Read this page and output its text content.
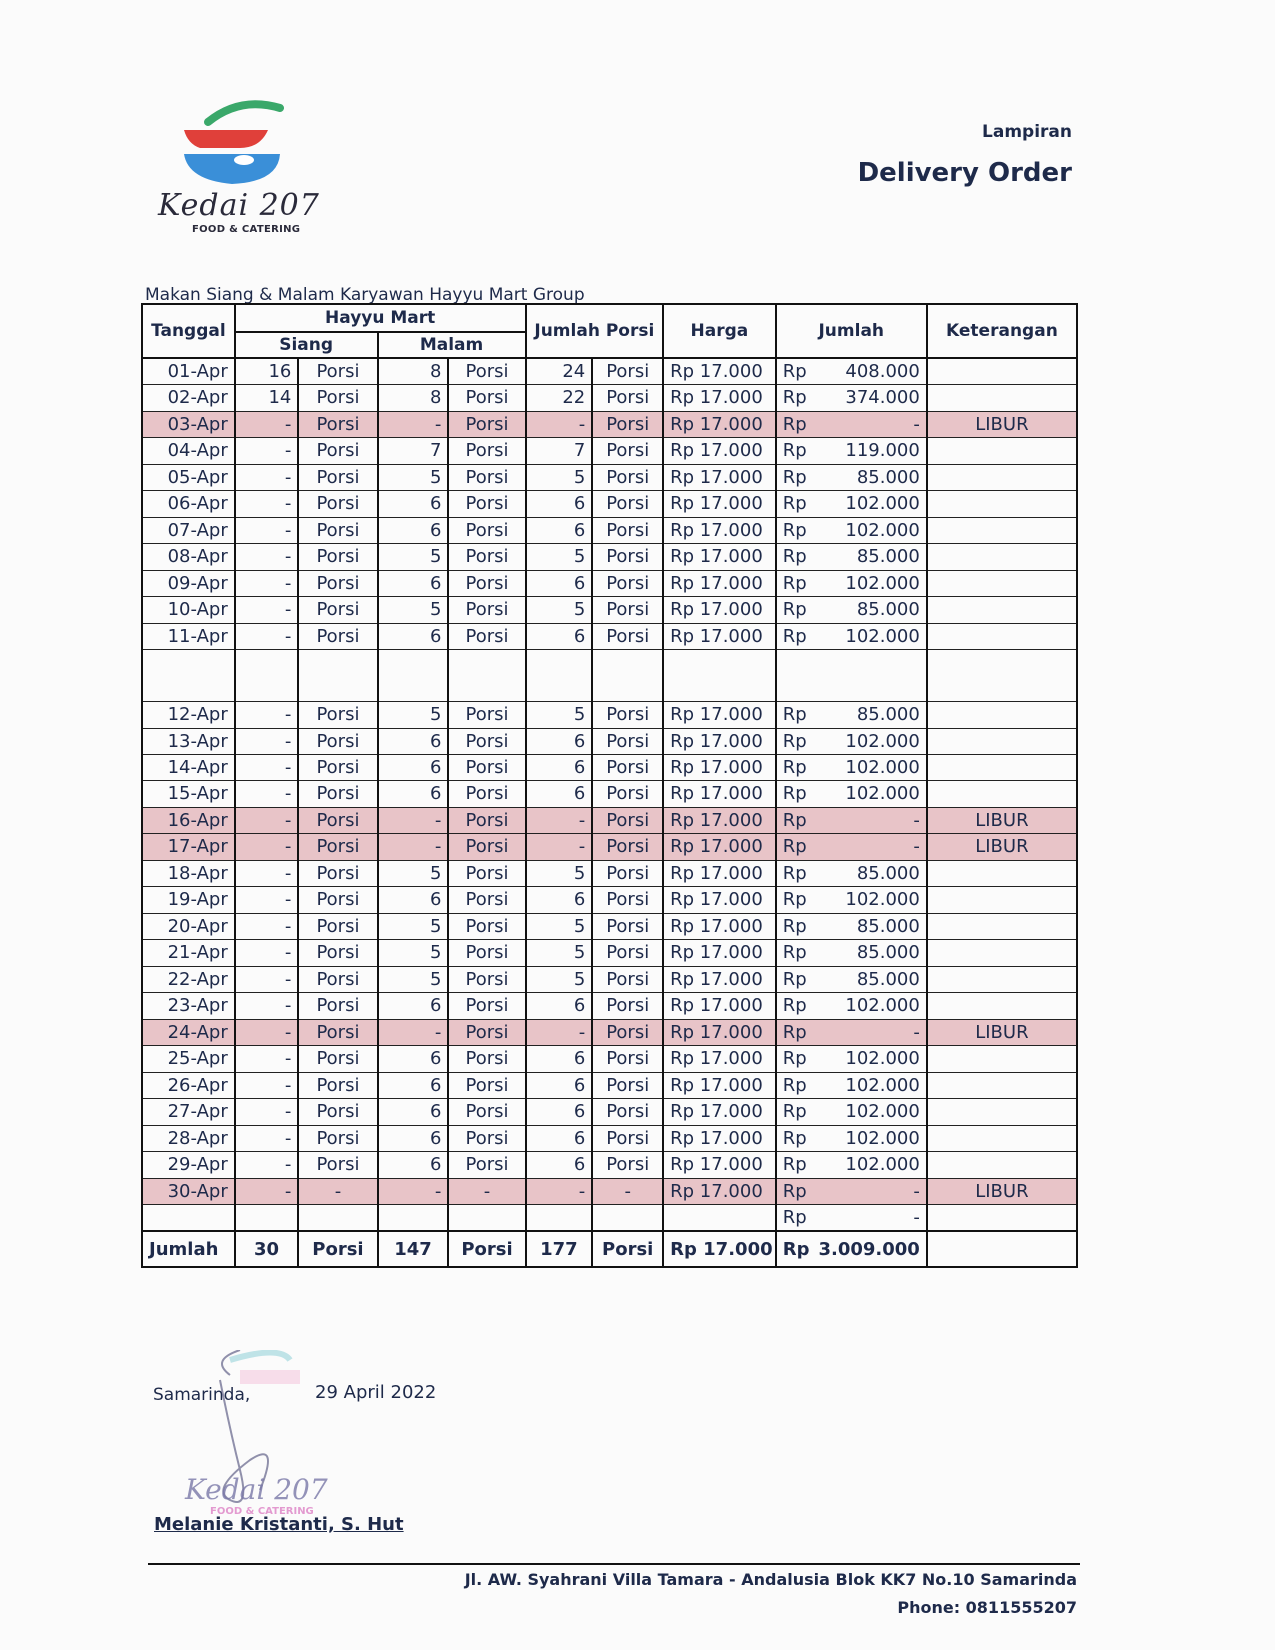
Kedai 207
FOOD & CATERING
Lampiran
Delivery Order
Makan Siang & Malam Karyawan Hayyu Mart Group
Tanggal	Hayyu Mart				Jumlah Porsi		Harga	Jumlah	Keterangan
	Siang		Malam						
01-Apr	16	Porsi	8	Porsi	24	Porsi	Rp 17.000	Rp 408.000	

02-Apr	14	Porsi	8	Porsi	22	Porsi	Rp 17.000	Rp 374.000	

03-Apr	-	Porsi	-	Porsi	-	Porsi	Rp 17.000	Rp -	LIBUR
04-Apr	-	Porsi	7	Porsi	7	Porsi	Rp 17.000	Rp 119.000	

05-Apr	-	Porsi	5	Porsi	5	Porsi	Rp 17.000	Rp 85.000	

06-Apr	-	Porsi	6	Porsi	6	Porsi	Rp 17.000	Rp 102.000	

07-Apr	-	Porsi	6	Porsi	6	Porsi	Rp 17.000	Rp 102.000	

08-Apr	-	Porsi	5	Porsi	5	Porsi	Rp 17.000	Rp 85.000	

09-Apr	-	Porsi	6	Porsi	6	Porsi	Rp 17.000	Rp 102.000	

10-Apr	-	Porsi	5	Porsi	5	Porsi	Rp 17.000	Rp 85.000	

11-Apr	-	Porsi	6	Porsi	6	Porsi	Rp 17.000	Rp 102.000	

12-Apr	-	Porsi	5	Porsi	5	Porsi	Rp 17.000	Rp 85.000	

13-Apr	-	Porsi	6	Porsi	6	Porsi	Rp 17.000	Rp 102.000	

14-Apr	-	Porsi	6	Porsi	6	Porsi	Rp 17.000	Rp 102.000	

15-Apr	-	Porsi	6	Porsi	6	Porsi	Rp 17.000	Rp 102.000	

16-Apr	-	Porsi	-	Porsi	-	Porsi	Rp 17.000	Rp -	LIBUR
17-Apr	-	Porsi	-	Porsi	-	Porsi	Rp 17.000	Rp -	LIBUR
18-Apr	-	Porsi	5	Porsi	5	Porsi	Rp 17.000	Rp 85.000	

19-Apr	-	Porsi	6	Porsi	6	Porsi	Rp 17.000	Rp 102.000	

20-Apr	-	Porsi	5	Porsi	5	Porsi	Rp 17.000	Rp 85.000	

21-Apr	-	Porsi	5	Porsi	5	Porsi	Rp 17.000	Rp 85.000	

22-Apr	-	Porsi	5	Porsi	5	Porsi	Rp 17.000	Rp 85.000	

23-Apr	-	Porsi	6	Porsi	6	Porsi	Rp 17.000	Rp 102.000	

24-Apr	-	Porsi	-	Porsi	-	Porsi	Rp 17.000	Rp -	LIBUR
25-Apr	-	Porsi	6	Porsi	6	Porsi	Rp 17.000	Rp 102.000	

26-Apr	-	Porsi	6	Porsi	6	Porsi	Rp 17.000	Rp 102.000	

27-Apr	-	Porsi	6	Porsi	6	Porsi	Rp 17.000	Rp 102.000	

28-Apr	-	Porsi	6	Porsi	6	Porsi	Rp 17.000	Rp 102.000	

29-Apr	-	Porsi	6	Porsi	6	Porsi	Rp 17.000	Rp 102.000	

30-Apr	-	-	-	-	-	-	Rp 17.000	Rp -	LIBUR

								Rp -	

Jumlah	30	Porsi	147	Porsi	177	Porsi	Rp 17.000	Rp 3.009.000	

Samarinda,	29 April 2022
Kedai 207
FOOD & CATERING
Melanie Kristanti, S. Hut
Jl. AW. Syahrani Villa Tamara - Andalusia Blok KK7 No.10 Samarinda
Phone: 0811555207
